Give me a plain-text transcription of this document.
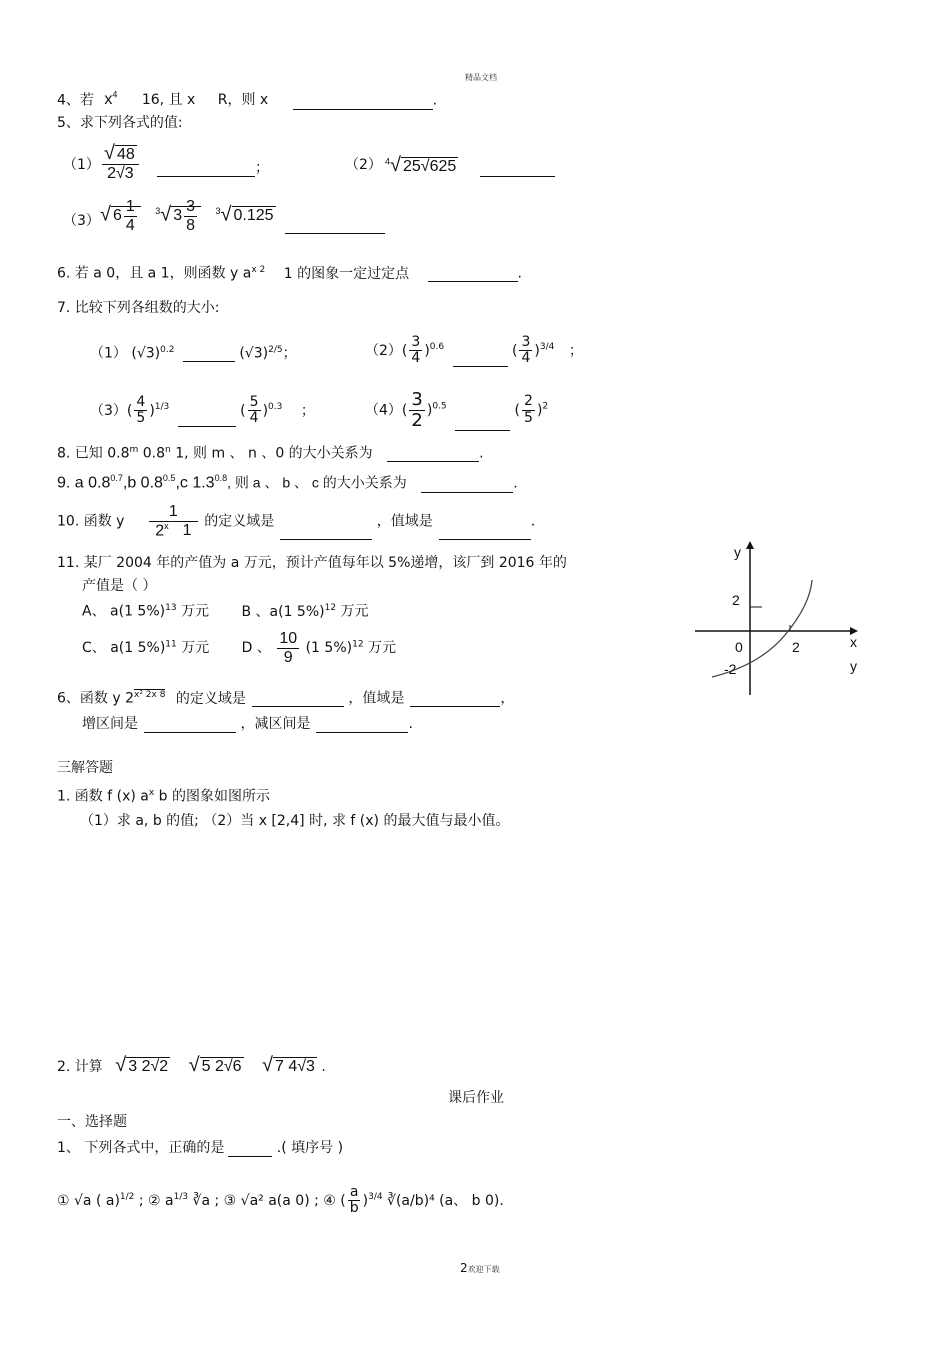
精品文档
4、若 $x^4$ 16, 且 x R，则 x	.
5、求下列各式的值:
$(1) \frac{√ 48}{2√3}$	；	（2） $^4$√ 25√625
（3） √ $6 \frac{1}{4} ^3√$ $3 \frac{3}{8} ^3√$ 0.125
6. 若 a 0，且 a 1，则函数 y $a^{x 2}$ 1 的图象一定过定点	.
7. 比较下列各组数的大小:
（1） $(√3)^{0.2}$	$(√3)^{2/5}$；	$(2)( \frac{3}{4} )^{0.6}$	( $\frac{3}{4} )^{3/4}$ ；
$(3)( \frac{4}{5} )^{1/3}$	( $\frac{5}{4} )^{0.3}$ ；	$(4)( \frac{3}{2} )^{0.5}$	( $\frac{2}{5} )^2$
8. 已知 0.8$^m$ 0.8$^n$ 1, 则 m 、 n 、0 的大小关系为	.
9. a $0.8^{0.7},b$ $0.8^{0.5},c$ $1.3^{0.8}$, 则 a 、 b 、 c 的大小关系为	.
10. 函数 y $\frac{1}{2^x 1}$ 的定义域是	，值域是	.
11. 某厂 2004 年的产值为 a 万元，预计产值每年以 5%递增，该厂到 2016 年的
产值是（ ）
A、 a(1 5%)$^{13}$ 万元 B 、a(1 5%)$^{12}$ 万元
C、 a(1 5%)$^{11}$ 万元 D 、 $\frac{10}{9} (1$ 5%)$^{12}$ 万元
6、函数 y $2^{x^2 2x 8}$ 的定义域是	，值域是	，
增区间是	，减区间是	.
y
x
2
0	2
-2	y
三解答题
1. 函数 f (x) $a^x$ b 的图象如图所示
（1）求 a, b 的值; （2）当 x [2,4] 时, 求 f (x) 的最大值与最小值。
2. 计算 √ 3 2√2 √ 5 2√6 √ 7 4√3 .
课后作业
一、选择题
1、 下列各式中，正确的是	.( 填序号 )
① √a ( a)$^{1/2}$ ; ② $a^{1/3}$ ∛a ; ③ √a² a(a 0) ; ④ ( $\frac{a}{b} )^{3/4}$ ∛(a/b)⁴ (a、 b 0).
2欢迎下载
